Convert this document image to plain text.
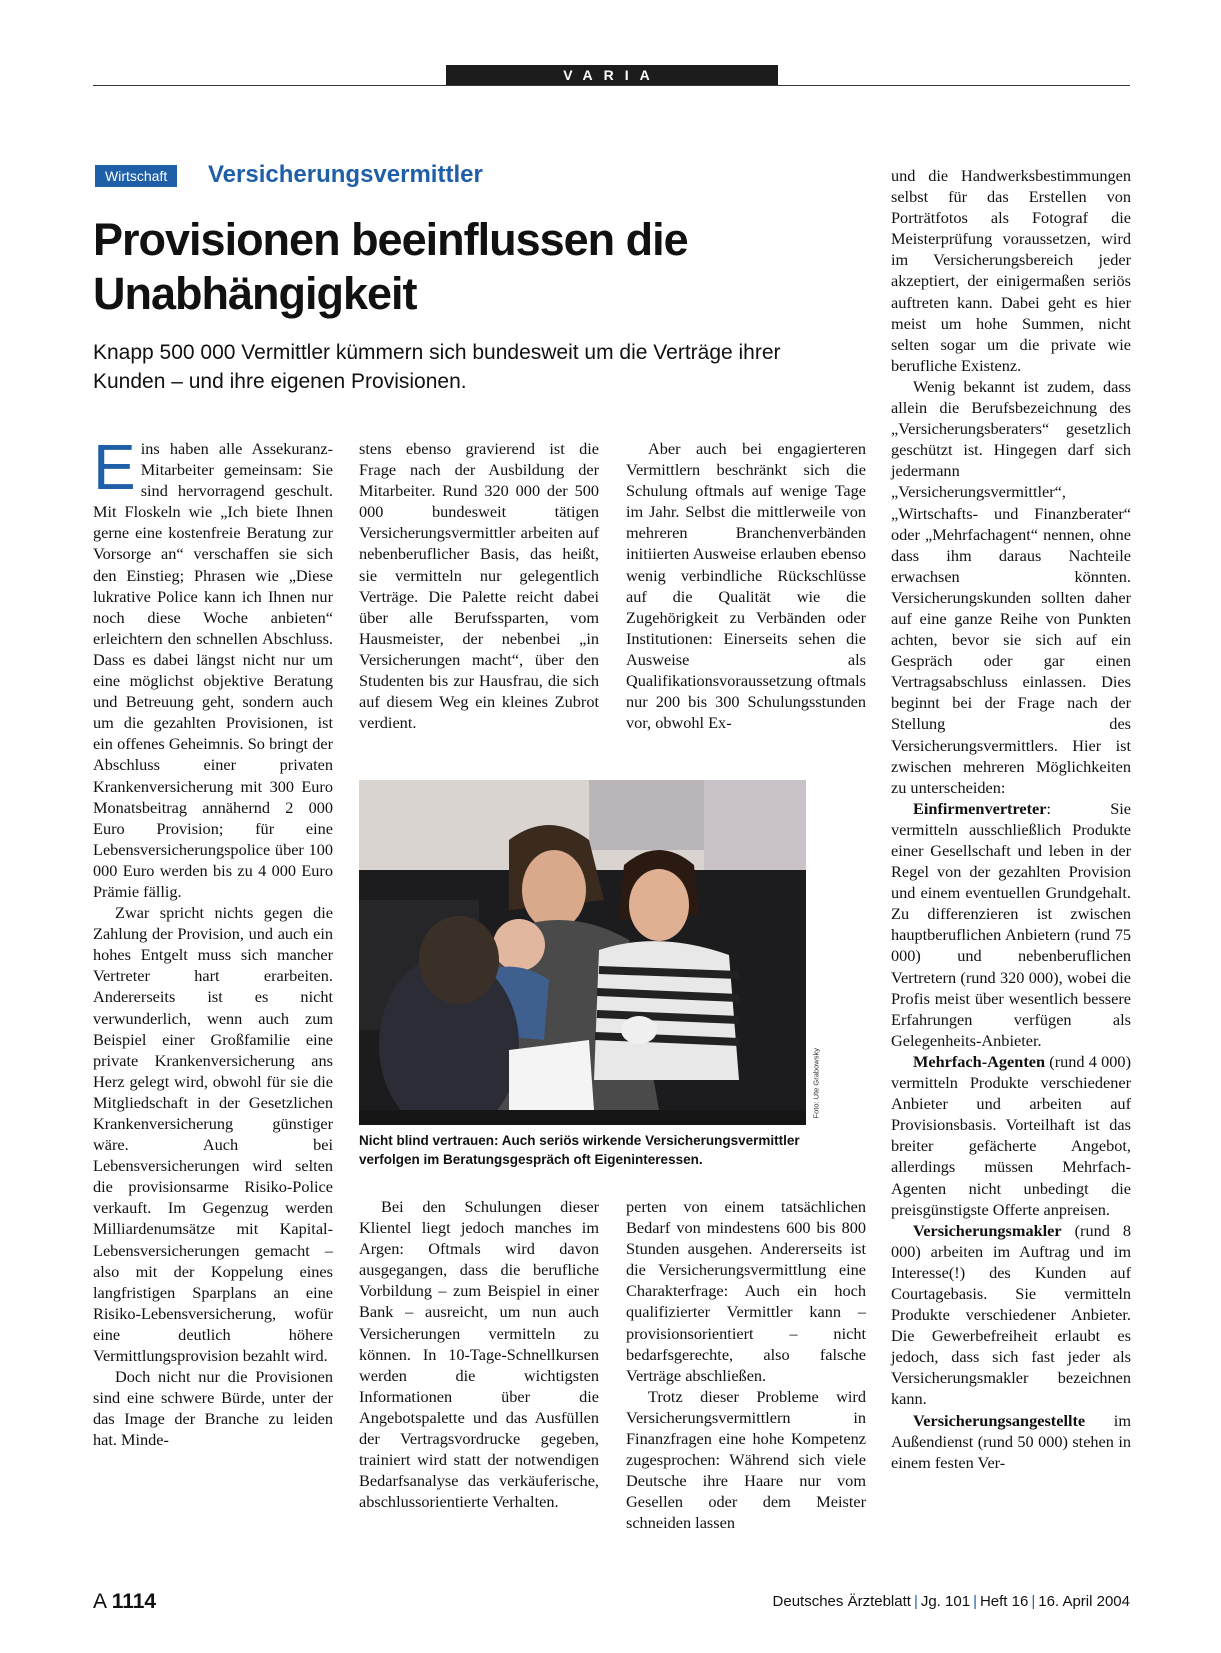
VARIA
Wirtschaft	Versicherungsvermittler
Provisionen beeinflussen die Unabhängigkeit

Knapp 500 000 Vermittler kümmern sich bundesweit um die Verträge ihrer Kunden – und ihre eigenen Provisionen.

Eins haben alle Assekuranz-Mitarbeiter gemeinsam: Sie sind hervorragend geschult. Mit Floskeln wie „Ich biete Ihnen gerne eine kostenfreie Beratung zur Vorsorge an“ verschaffen sie sich den Einstieg; Phrasen wie „Diese lukrative Police kann ich Ihnen nur noch diese Woche anbieten“ erleichtern den schnellen Abschluss. Dass es dabei längst nicht nur um eine möglichst objektive Beratung und Betreuung geht, sondern auch um die gezahlten Provisionen, ist ein offenes Geheimnis. So bringt der Abschluss einer privaten Krankenversicherung mit 300 Euro Monatsbeitrag annähernd 2 000 Euro Provision; für eine Lebensversicherungspolice über 100 000 Euro werden bis zu 4 000 Euro Prämie fällig.

Zwar spricht nichts gegen die Zahlung der Provision, und auch ein hohes Entgelt muss sich mancher Vertreter hart erarbeiten. Andererseits ist es nicht verwunderlich, wenn auch zum Beispiel einer Großfamilie eine private Krankenversicherung ans Herz gelegt wird, obwohl für sie die Mitgliedschaft in der Gesetzlichen Krankenversicherung günstiger wäre. Auch bei Lebensversicherungen wird selten die provisionsarme Risiko-Police verkauft. Im Gegenzug werden Milliardenumsätze mit Kapital-Lebensversicherungen gemacht – also mit der Koppelung eines langfristigen Sparplans an eine Risiko-Lebensversicherung, wofür eine deutlich höhere Vermittlungsprovision bezahlt wird.

Doch nicht nur die Provisionen sind eine schwere Bürde, unter der das Image der Branche zu leiden hat. Minde-

stens ebenso gravierend ist die Frage nach der Ausbildung der Mitarbeiter. Rund 320 000 der 500 000 bundesweit tätigen Versicherungsvermittler arbeiten auf nebenberuflicher Basis, das heißt, sie vermitteln nur gelegentlich Verträge. Die Palette reicht dabei über alle Berufssparten, vom Hausmeister, der nebenbei „in Versicherungen macht“, über den Studenten bis zur Hausfrau, die sich auf diesem Weg ein kleines Zubrot verdient.

Aber auch bei engagierteren Vermittlern beschränkt sich die Schulung oftmals auf wenige Tage im Jahr. Selbst die mittlerweile von mehreren Branchenverbänden initiierten Ausweise erlauben ebenso wenig verbindliche Rückschlüsse auf die Qualität wie die Zugehörigkeit zu Verbänden oder Institutionen: Einerseits sehen die Ausweise als Qualifikationsvoraussetzung oftmals nur 200 bis 300 Schulungsstunden vor, obwohl Ex-

Foto: Ute Grabowsky

Nicht blind vertrauen: Auch seriös wirkende Versicherungsvermittler verfolgen im Beratungsgespräch oft Eigeninteressen.

Bei den Schulungen dieser Klientel liegt jedoch manches im Argen: Oftmals wird davon ausgegangen, dass die berufliche Vorbildung – zum Beispiel in einer Bank – ausreicht, um nun auch Versicherungen vermitteln zu können. In 10-Tage-Schnellkursen werden die wichtigsten Informationen über die Angebotspalette und das Ausfüllen der Vertragsvordrucke gegeben, trainiert wird statt der notwendigen Bedarfsanalyse das verkäuferische, abschlussorientierte Verhalten.

perten von einem tatsächlichen Bedarf von mindestens 600 bis 800 Stunden ausgehen. Andererseits ist die Versicherungsvermittlung eine Charakterfrage: Auch ein hoch qualifizierter Vermittler kann – provisionsorientiert – nicht bedarfsgerechte, also falsche Verträge abschließen.

Trotz dieser Probleme wird Versicherungsvermittlern in Finanzfragen eine hohe Kompetenz zugesprochen: Während sich viele Deutsche ihre Haare nur vom Gesellen oder dem Meister schneiden lassen

und die Handwerksbestimmungen selbst für das Erstellen von Porträtfotos als Fotograf die Meisterprüfung voraussetzen, wird im Versicherungsbereich jeder akzeptiert, der einigermaßen seriös auftreten kann. Dabei geht es hier meist um hohe Summen, nicht selten sogar um die private wie berufliche Existenz.

Wenig bekannt ist zudem, dass allein die Berufsbezeichnung des „Versicherungsberaters“ gesetzlich geschützt ist. Hingegen darf sich jedermann „Versicherungsvermittler“, „Wirtschafts- und Finanzberater“ oder „Mehrfachagent“ nennen, ohne dass ihm daraus Nachteile erwachsen könnten. Versicherungskunden sollten daher auf eine ganze Reihe von Punkten achten, bevor sie sich auf ein Gespräch oder gar einen Vertragsabschluss einlassen. Dies beginnt bei der Frage nach der Stellung des Versicherungsvermittlers. Hier ist zwischen mehreren Möglichkeiten zu unterscheiden:

Einfirmenvertreter: Sie vermitteln ausschließlich Produkte einer Gesellschaft und leben in der Regel von der gezahlten Provision und einem eventuellen Grundgehalt. Zu differenzieren ist zwischen hauptberuflichen Anbietern (rund 75 000) und nebenberuflichen Vertretern (rund 320 000), wobei die Profis meist über wesentlich bessere Erfahrungen verfügen als Gelegenheits-Anbieter.

Mehrfach-Agenten (rund 4 000) vermitteln Produkte verschiedener Anbieter und arbeiten auf Provisionsbasis. Vorteilhaft ist das breiter gefächerte Angebot, allerdings müssen Mehrfach-Agenten nicht unbedingt die preisgünstigste Offerte anpreisen.

Versicherungsmakler (rund 8 000) arbeiten im Auftrag und im Interesse(!) des Kunden auf Courtagebasis. Sie vermitteln Produkte verschiedener Anbieter. Die Gewerbefreiheit erlaubt es jedoch, dass sich fast jeder als Versicherungsmakler bezeichnen kann.

Versicherungsangestellte im Außendienst (rund 50 000) stehen in einem festen Ver-

A 1114	Deutsches Ärzteblatt | Jg. 101 | Heft 16 | 16. April 2004
